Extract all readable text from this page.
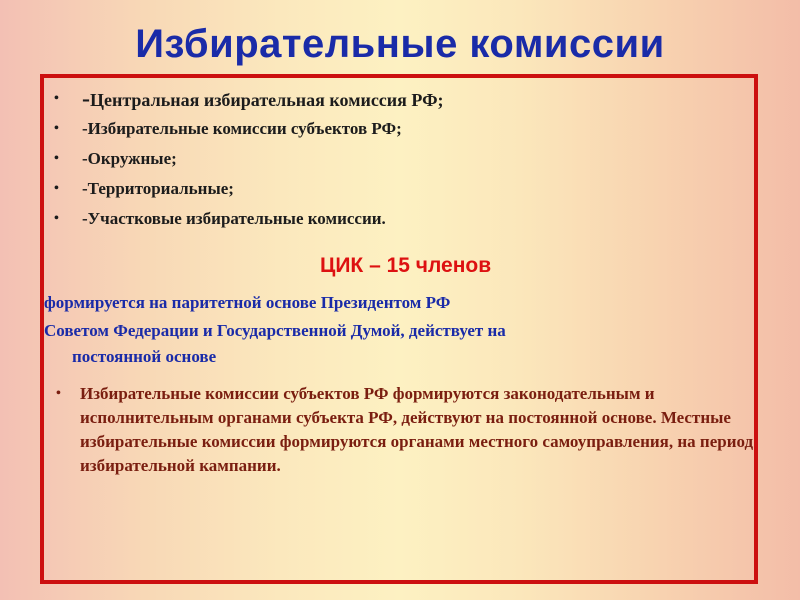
Избирательные комиссии
• -Центральная избирательная комиссия РФ;
• -Избирательные комиссии субъектов РФ;
• -Окружные;
• -Территориальные;
• -Участковые избирательные комиссии.
ЦИК – 15 членов
формируется на паритетной основе Президентом РФ
Советом Федерации и Государственной Думой, действует на
постоянной основе
• Избирательные комиссии субъектов РФ формируются законодательным и исполнительным органами субъекта РФ, действуют на постоянной основе. Местные избирательные комиссии формируются органами местного самоуправления, на период избирательной кампании.
